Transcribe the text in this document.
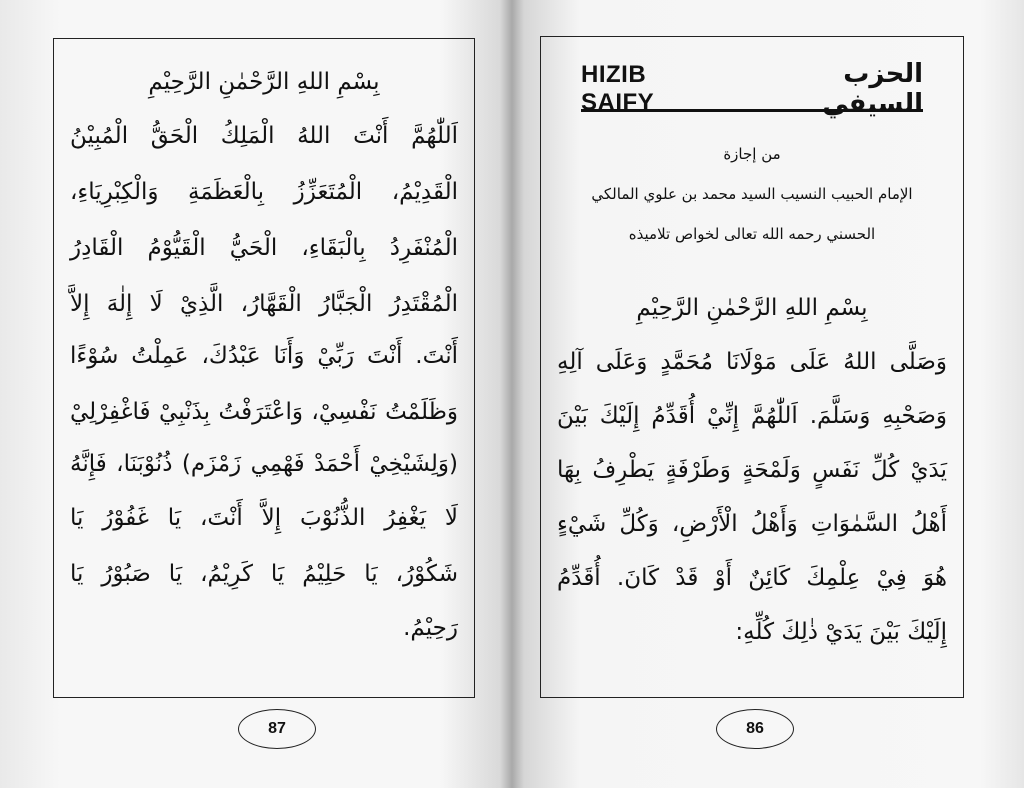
بِسْمِ اللهِ الرَّحْمٰنِ الرَّحِيْمِ
اَللّٰهُمَّ أَنْتَ اللهُ الْمَلِكُ الْحَقُّ الْمُبِيْنُ
الْقَدِيْمُ، الْمُتَعَزِّزُ بِالْعَظَمَةِ وَالْكِبْرِيَاءِ،
الْمُنْفَرِدُ بِالْبَقَاءِ، الْحَيُّ الْقَيُّوْمُ الْقَادِرُ
الْمُقْتَدِرُ الْجَبَّارُ الْقَهَّارُ، الَّذِيْ لَا إِلٰهَ إِلاَّ
أَنْتَ. أَنْتَ رَبِّيْ وَأَنَا عَبْدُكَ، عَمِلْتُ سُوْءًا
وَظَلَمْتُ نَفْسِيْ، وَاعْتَرَفْتُ بِذَنْبِيْ فَاغْفِرْلِيْ
(وَلِشَيْخِيْ أَحْمَدْ فَهْمِي زَمْزَم) ذُنُوْبَنَا، فَإِنَّهُ
لَا يَغْفِرُ الذُّنُوْبَ إِلاَّ أَنْتَ، يَا غَفُوْرُ يَا
شَكُوْرُ، يَا حَلِيْمُ يَا كَرِيْمُ، يَا صَبُوْرُ يَا
رَحِيْمُ.
87
الحزب السيفي
HIZIB SAIFY
من إجازة
الإمام الحبيب النسيب السيد محمد بن علوي المالكي
الحسني رحمه الله تعالى لخواص تلاميذه
بِسْمِ اللهِ الرَّحْمٰنِ الرَّحِيْمِ
وَصَلَّى اللهُ عَلَى مَوْلَانَا مُحَمَّدٍ وَعَلَى آلِهِ
وَصَحْبِهِ وَسَلَّمَ. اَللّٰهُمَّ إِنِّيْ أُقَدِّمُ إِلَيْكَ بَيْنَ
يَدَيْ كُلِّ نَفَسٍ وَلَمْحَةٍ وَطَرْفَةٍ يَطْرِفُ بِهَا
أَهْلُ السَّمٰوَاتِ وَأَهْلُ الْأَرْضِ، وَكُلِّ شَيْءٍ
هُوَ فِيْ عِلْمِكَ كَائِنٌ أَوْ قَدْ كَانَ. أُقَدِّمُ
إِلَيْكَ بَيْنَ يَدَيْ ذٰلِكَ كُلِّهِ:
86
